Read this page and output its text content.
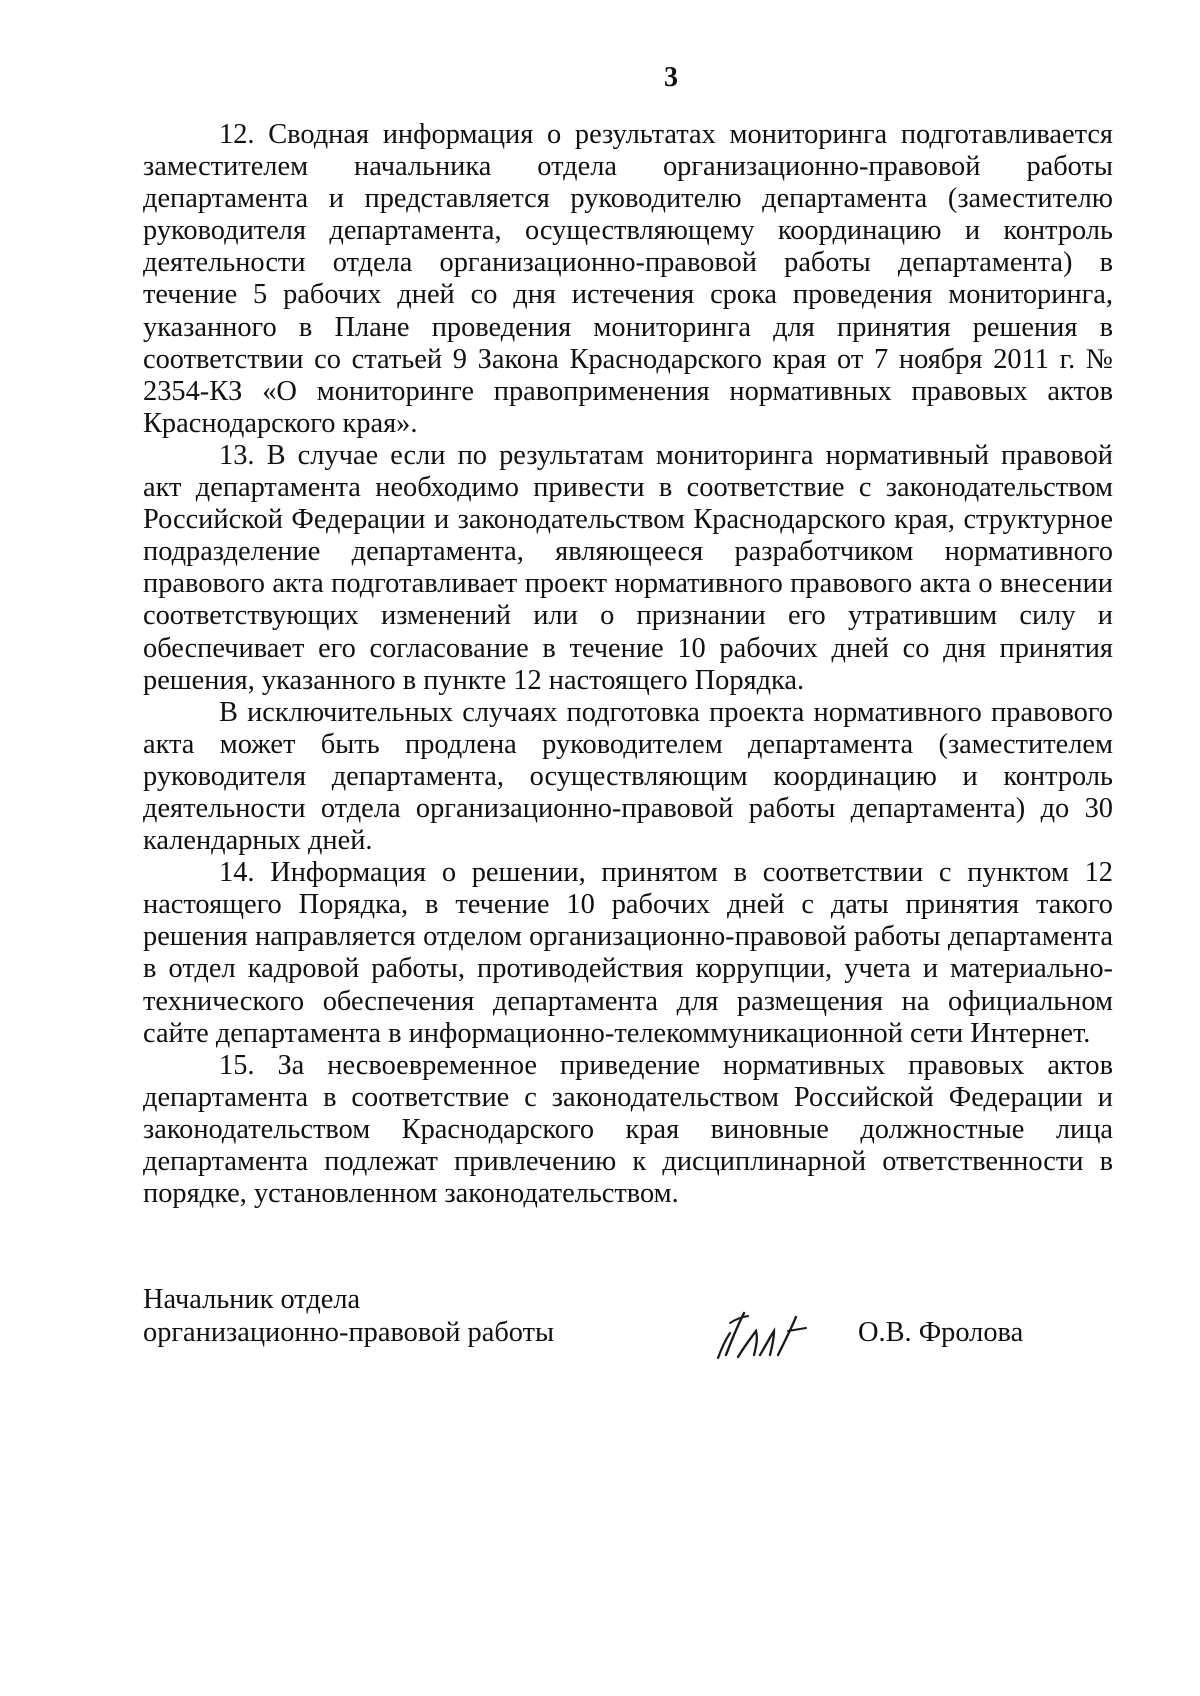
3

12. Сводная информация о результатах мониторинга подготавливается заместителем начальника отдела организационно-правовой работы департамента и представляется руководителю департамента (заместителю руководителя департамента, осуществляющему координацию и контроль деятельности отдела организационно-правовой работы департамента) в течение 5 рабочих дней со дня истечения срока проведения мониторинга, указанного в Плане проведения мониторинга для принятия решения в соответствии со статьей 9 Закона Краснодарского края от 7 ноября 2011 г. № 2354-КЗ «О мониторинге правоприменения нормативных правовых актов Краснодарского края».

13. В случае если по результатам мониторинга нормативный правовой акт департамента необходимо привести в соответствие с законодательством Российской Федерации и законодательством Краснодарского края, структурное подразделение департамента, являющееся разработчиком нормативного правового акта подготавливает проект нормативного правового акта о внесении соответствующих изменений или о признании его утратившим силу и обеспечивает его согласование в течение 10 рабочих дней со дня принятия решения, указанного в пункте 12 настоящего Порядка.

В исключительных случаях подготовка проекта нормативного правового акта может быть продлена руководителем департамента (заместителем руководителя департамента, осуществляющим координацию и контроль деятельности отдела организационно-правовой работы департамента) до 30 календарных дней.

14. Информация о решении, принятом в соответствии с пунктом 12 настоящего Порядка, в течение 10 рабочих дней с даты принятия такого решения направляется отделом организационно-правовой работы департамента в отдел кадровой работы, противодействия коррупции, учета и материально-технического обеспечения департамента для размещения на официальном сайте департамента в информационно-телекоммуникационной сети Интернет.

15. За несвоевременное приведение нормативных правовых актов департамента в соответствие с законодательством Российской Федерации и законодательством Краснодарского края виновные должностные лица департамента подлежат привлечению к дисциплинарной ответственности в порядке, установленном законодательством.

Начальник отдела
организационно-правовой работы	О.В. Фролова
